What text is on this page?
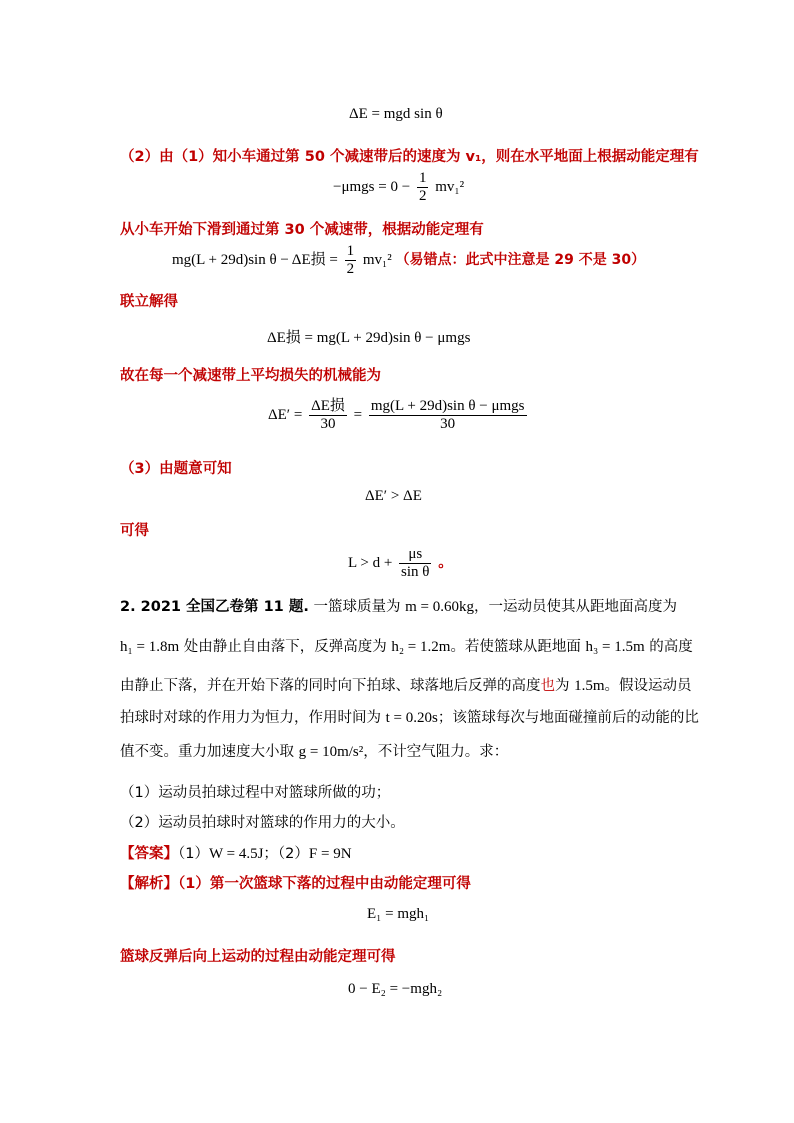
ΔE = mgd sin θ
（2）由（1）知小车通过第 50 个减速带后的速度为 v₁，则在水平地面上根据动能定理有
$-\mu mgs = 0 - \frac{1}{2} mv_1^2$
从小车开始下滑到通过第 30 个减速带，根据动能定理有
mg(L + 29d)sin θ − ΔE损 = $\frac{1}{2} mv_1^2$ （易错点：此式中注意是 29 不是 30）
联立解得
ΔE损 = mg(L + 29d)sin θ − μmgs
故在每一个减速带上平均损失的机械能为
$\Delta E' = \frac{\text{ΔE损}}{30} = \frac{\text{mg(L + 29d)sin θ − μmgs}}{30}$
（3）由题意可知
ΔE′ > ΔE
可得
$L > d + \frac{\mu s}{\text{sin θ}}$ 。
2. 2021 全国乙卷第 11 题. 一篮球质量为 m = 0.60kg，一运动员使其从距地面高度为
h₁ = 1.8m 处由静止自由落下，反弹高度为 h₂ = 1.2m。若使篮球从距地面 h₃ = 1.5m 的高度
由静止下落，并在开始下落的同时向下拍球、球落地后反弹的高度也为 1.5m。假设运动员
拍球时对球的作用力为恒力，作用时间为 t = 0.20s；该篮球每次与地面碰撞前后的动能的比
值不变。重力加速度大小取 g = 10m/s²，不计空气阻力。求：
（1）运动员拍球过程中对篮球所做的功；
（2）运动员拍球时对篮球的作用力的大小。
【答案】（1）W = 4.5J；（2）F = 9N
【解析】（1）第一次篮球下落的过程中由动能定理可得
E₁ = mgh₁
篮球反弹后向上运动的过程由动能定理可得
0 − E₂ = −mgh₂
